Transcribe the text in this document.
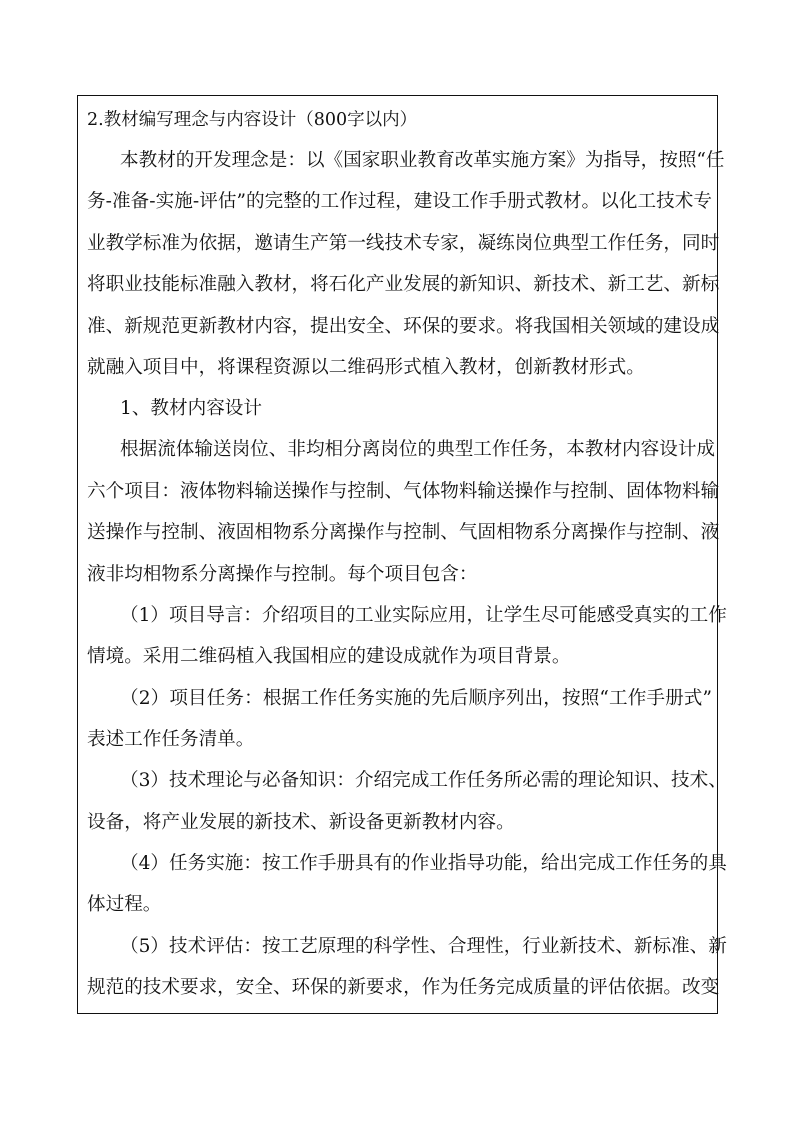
2.教材编写理念与内容设计（800字以内）
本教材的开发理念是：以《国家职业教育改革实施方案》为指导，按照“任
务-准备-实施-评估”的完整的工作过程，建设工作手册式教材。以化工技术专
业教学标准为依据，邀请生产第一线技术专家，凝练岗位典型工作任务，同时
将职业技能标准融入教材，将石化产业发展的新知识、新技术、新工艺、新标
准、新规范更新教材内容，提出安全、环保的要求。将我国相关领域的建设成
就融入项目中，将课程资源以二维码形式植入教材，创新教材形式。
1、教材内容设计
根据流体输送岗位、非均相分离岗位的典型工作任务，本教材内容设计成
六个项目：液体物料输送操作与控制、气体物料输送操作与控制、固体物料输
送操作与控制、液固相物系分离操作与控制、气固相物系分离操作与控制、液
液非均相物系分离操作与控制。每个项目包含：
（1）项目导言：介绍项目的工业实际应用，让学生尽可能感受真实的工作
情境。采用二维码植入我国相应的建设成就作为项目背景。
（2）项目任务：根据工作任务实施的先后顺序列出，按照“工作手册式”
表述工作任务清单。
（3）技术理论与必备知识：介绍完成工作任务所必需的理论知识、技术、
设备，将产业发展的新技术、新设备更新教材内容。
（4）任务实施：按工作手册具有的作业指导功能，给出完成工作任务的具
体过程。
（5）技术评估：按工艺原理的科学性、合理性，行业新技术、新标准、新
规范的技术要求，安全、环保的新要求，作为任务完成质量的评估依据。改变
